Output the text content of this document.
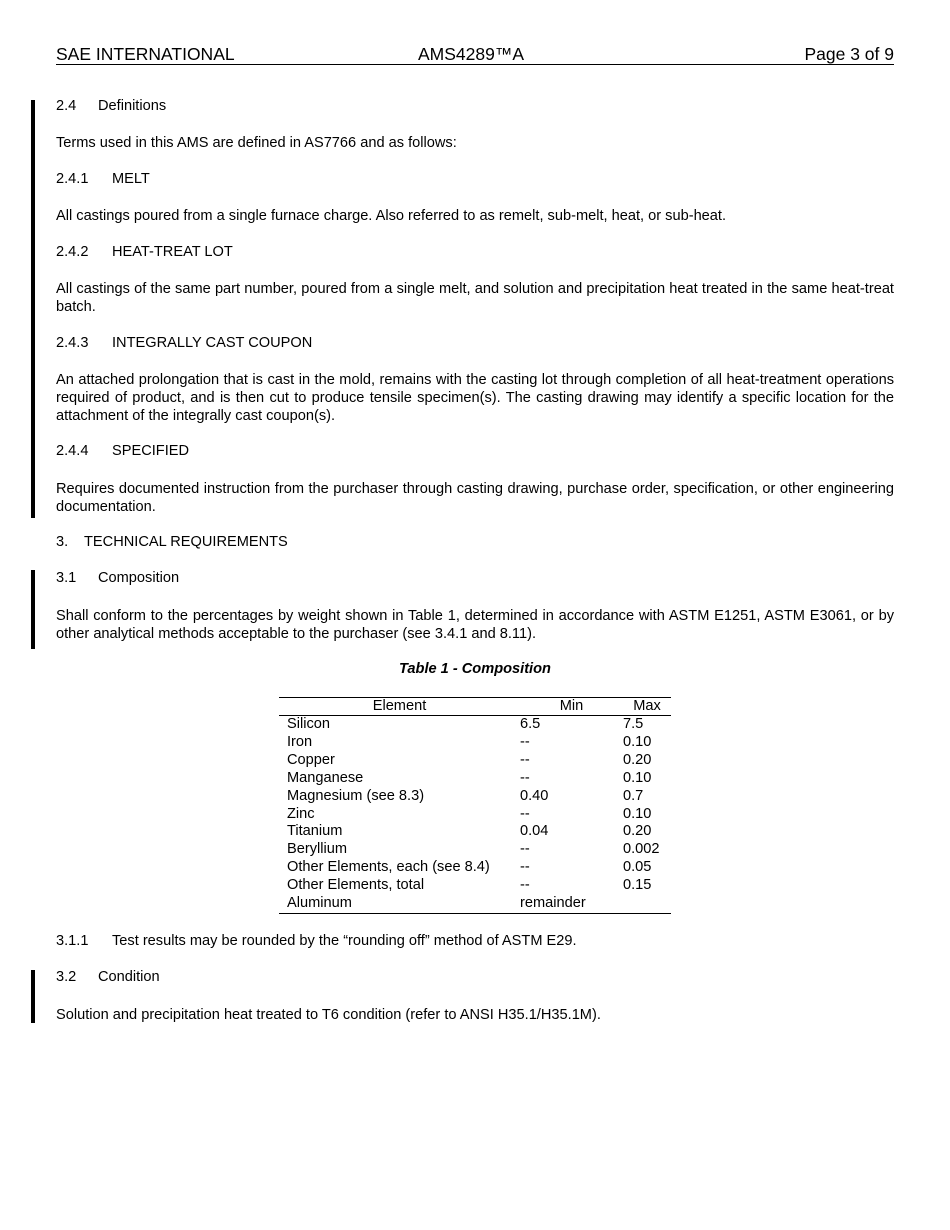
SAE INTERNATIONAL	AMS4289™A	Page 3 of 9
2.4 Definitions
Terms used in this AMS are defined in AS7766 and as follows:
2.4.1 MELT
All castings poured from a single furnace charge. Also referred to as remelt, sub-melt, heat, or sub-heat.
2.4.2 HEAT-TREAT LOT
All castings of the same part number, poured from a single melt, and solution and precipitation heat treated in the same heat-treat batch.
2.4.3 INTEGRALLY CAST COUPON
An attached prolongation that is cast in the mold, remains with the casting lot through completion of all heat-treatment operations required of product, and is then cut to produce tensile specimen(s). The casting drawing may identify a specific location for the attachment of the integrally cast coupon(s).
2.4.4 SPECIFIED
Requires documented instruction from the purchaser through casting drawing, purchase order, specification, or other engineering documentation.
3. TECHNICAL REQUIREMENTS
3.1 Composition
Shall conform to the percentages by weight shown in Table 1, determined in accordance with ASTM E1251, ASTM E3061, or by other analytical methods acceptable to the purchaser (see 3.4.1 and 8.11).
Table 1 - Composition
Element	Min	Max
Silicon	6.5	7.5
Iron	--	0.10
Copper	--	0.20
Manganese	--	0.10
Magnesium (see 8.3)	0.40	0.7
Zinc	--	0.10
Titanium	0.04	0.20
Beryllium	--	0.002
Other Elements, each (see 8.4)	--	0.05
Other Elements, total	--	0.15
Aluminum	remainder	
3.1.1 Test results may be rounded by the “rounding off” method of ASTM E29.
3.2 Condition
Solution and precipitation heat treated to T6 condition (refer to ANSI H35.1/H35.1M).
